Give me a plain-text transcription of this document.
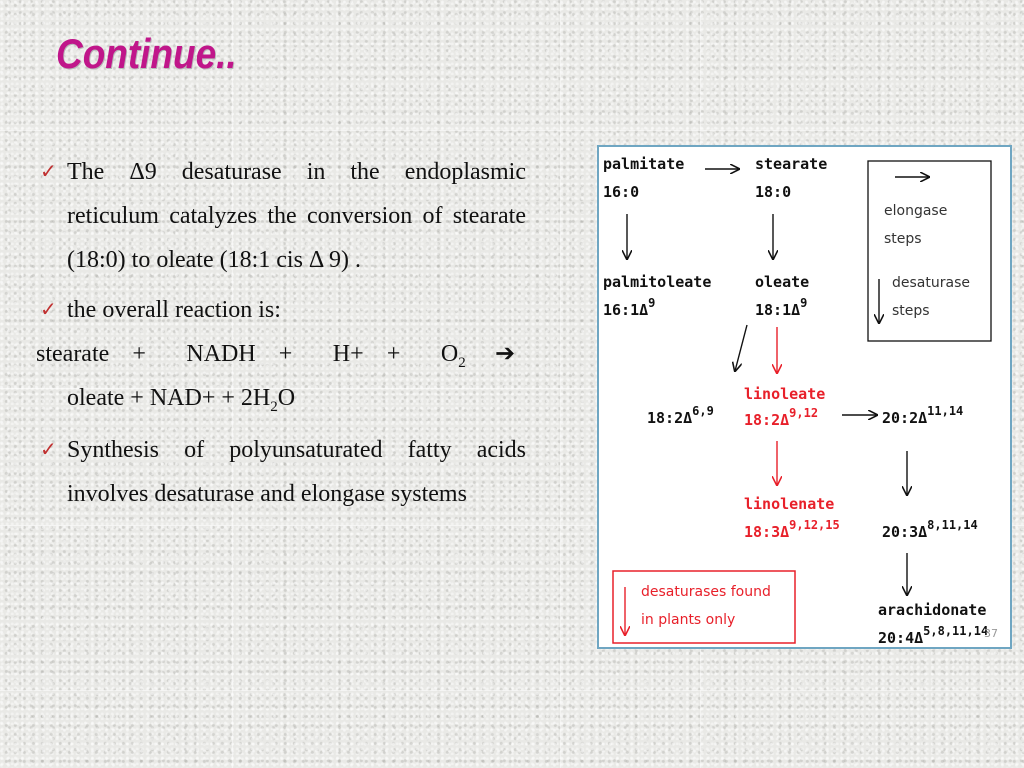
Continue..
✓ The Δ9 desaturase in the endoplasmic reticulum catalyzes the conversion of stearate (18:0) to oleate (18:1 cis Δ 9) .
✓ the overall reaction is:
stearate +	NADH +	H+ +	$O_2$ ➔
oleate + $NAD+ + 2H_2O$
✓ Synthesis of polyunsaturated fatty acids involves desaturase and elongase systems
palmitate
16:0
stearate
18:0
palmitoleate
$16:1\Delta^9$
oleate
$18:1\Delta^9$
$18:2\Delta^{6,9}$	$20:2\Delta^{11,14}$
$20:3\Delta^{8,11,14}$
arachidonate
$20:4\Delta^{5,8,11,14}$
linoleate
$18:2\Delta^{9,12}$
linolenate
$18:3\Delta^{9,12,15}$
elongase
steps
desaturase
steps
desaturases found
in plants only
37
